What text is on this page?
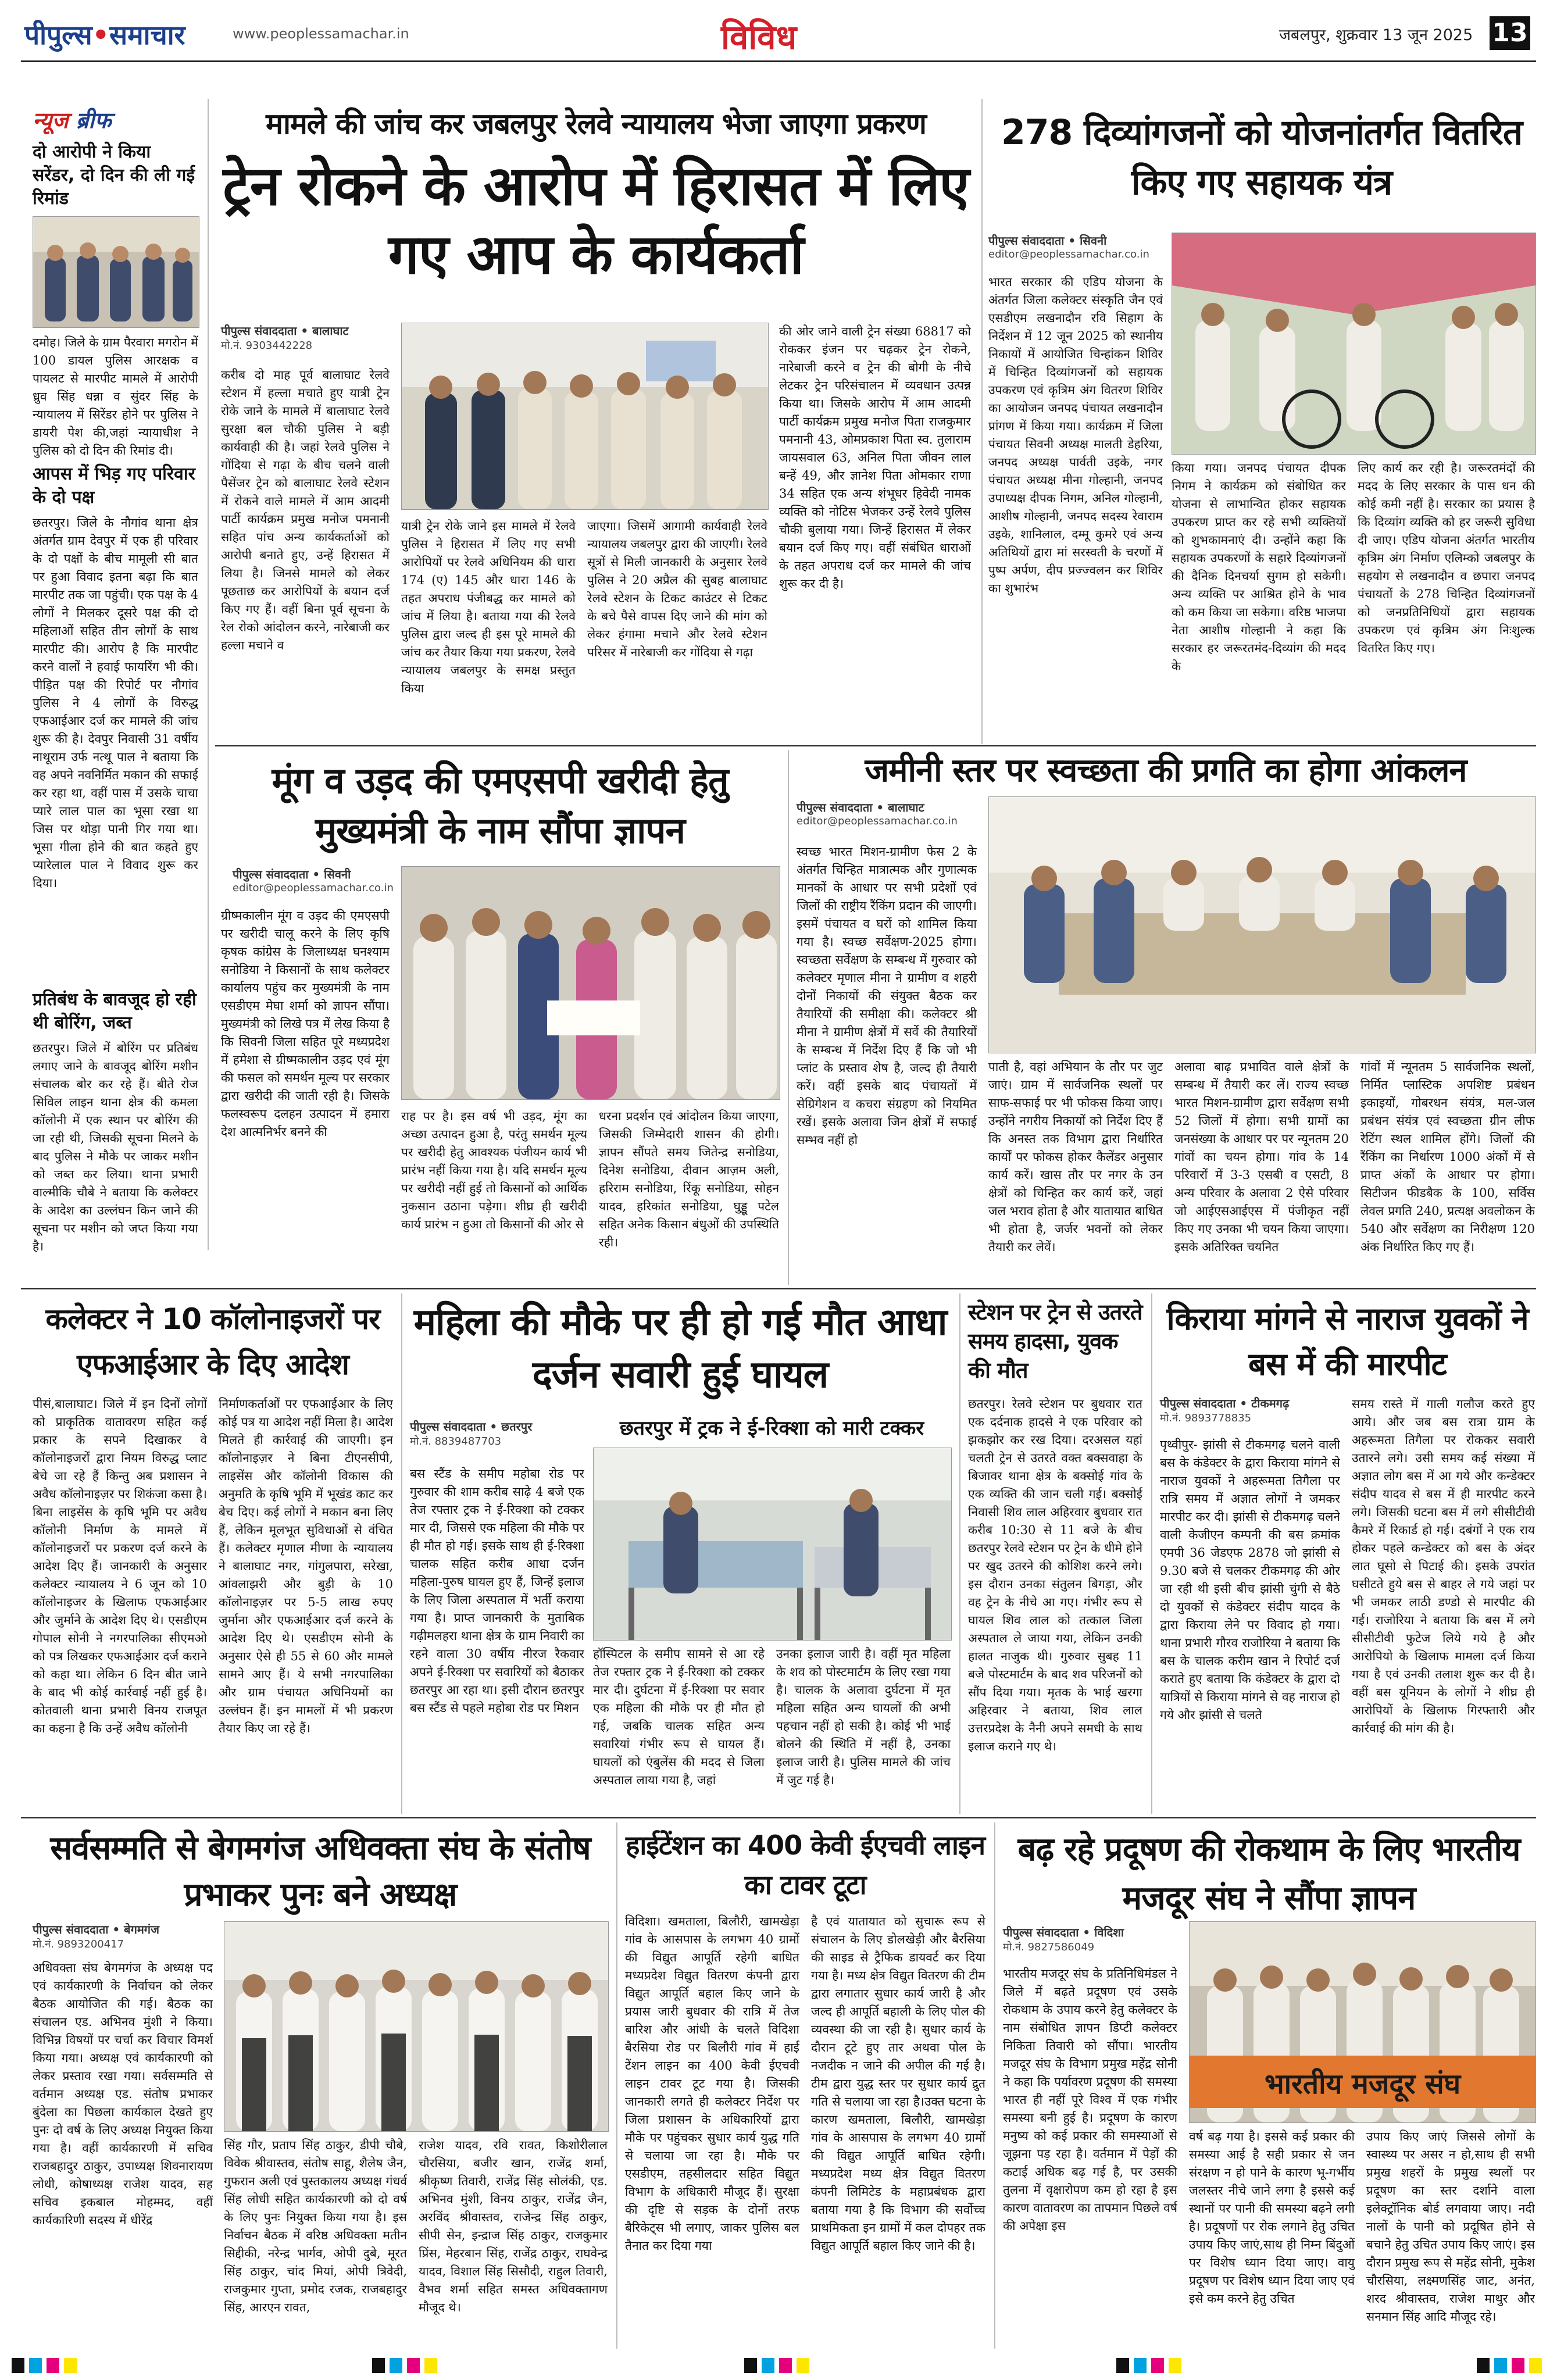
पीपुल्स•समाचार	www.peoplessamachar.in	विविध	जबलपुर, शुक्रवार 13 जून 2025 13
न्यूज ब्रीफ
दो आरोपी ने किया सरेंडर, दो दिन की ली गई रिमांड
दमोह। जिले के ग्राम पैरवारा मगरोन में 100 डायल पुलिस आरक्षक व पायलट से मारपीट मामले में आरोपी ध्रुव सिंह धन्ना व सुंदर सिंह के न्यायालय में सिरेंडर होने पर पुलिस ने डायरी पेश की,जहां न्यायाधीश ने पुलिस को दो दिन की रिमांड दी।
आपस में भिड़ गए परिवार के दो पक्ष
छतरपुर। जिले के नौगांव थाना क्षेत्र अंतर्गत ग्राम देवपुर में एक ही परिवार के दो पक्षों के बीच मामूली सी बात पर हुआ विवाद इतना बढ़ा कि बात मारपीट तक जा पहुंची। एक पक्ष के 4 लोगों ने मिलकर दूसरे पक्ष की दो महिलाओं सहित तीन लोगों के साथ मारपीट की। आरोप है कि मारपीट करने वालों ने हवाई फायरिंग भी की। पीड़ित पक्ष की रिपोर्ट पर नौगांव पुलिस ने 4 लोगों के विरुद्ध एफआईआर दर्ज कर मामले की जांच शुरू की है। देवपुर निवासी 31 वर्षीय नाथूराम उर्फ नत्थू पाल ने बताया कि वह अपने नवनिर्मित मकान की सफाई कर रहा था, वहीं पास में उसके चाचा प्यारे लाल पाल का भूसा रखा था जिस पर थोड़ा पानी गिर गया था। भूसा गीला होने की बात कहते हुए प्यारेलाल पाल ने विवाद शुरू कर दिया।
प्रतिबंध के बावजूद हो रही थी बोरिंग, जब्त
छतरपुर। जिले में बोरिंग पर प्रतिबंध लगाए जाने के बावजूद बोरिंग मशीन संचालक बोर कर रहे हैं। बीते रोज सिविल लाइन थाना क्षेत्र की कमला कॉलोनी में एक स्थान पर बोरिंग की जा रही थी, जिसकी सूचना मिलने के बाद पुलिस ने मौके पर जाकर मशीन को जब्त कर लिया। थाना प्रभारी वाल्मीकि चौबे ने बताया कि कलेक्टर के आदेश का उल्लंघन किन जाने की सूचना पर मशीन को जप्त किया गया है।
मामले की जांच कर जबलपुर रेलवे न्यायालय भेजा जाएगा प्रकरण
ट्रेन रोकने के आरोप में हिरासत में लिए गए आप के कार्यकर्ता
पीपुल्स संवाददाता • बालाघाट
मो.नं. 9303442228
करीब दो माह पूर्व बालाघाट रेलवे स्टेशन में हल्ला मचाते हुए यात्री ट्रेन रोके जाने के मामले में बालाघाट रेलवे सुरक्षा बल चौकी पुलिस ने बड़ी कार्यवाही की है। जहां रेलवे पुलिस ने गोंदिया से गढ़ा के बीच चलने वाली पैसेंजर ट्रेन को बालाघाट रेलवे स्टेशन में रोकने वाले मामले में आम आदमी पार्टी कार्यक्रम प्रमुख मनोज पमनानी सहित पांच अन्य कार्यकर्ताओं को आरोपी बनाते हुए, उन्हें हिरासत में लिया है। जिनसे मामले को लेकर पूछताछ कर आरोपियों के बयान दर्ज किए गए हैं। वहीं बिना पूर्व सूचना के रेल रोको आंदोलन करने, नारेबाजी कर हल्ला मचाने व
यात्री ट्रेन रोके जाने इस मामले में रेलवे पुलिस ने हिरासत में लिए गए सभी आरोपियों पर रेलवे अधिनियम की धारा 174 (ए) 145 और धारा 146 के तहत अपराध पंजीबद्ध कर मामले को जांच में लिया है। बताया गया की रेलवे पुलिस द्वारा जल्द ही इस पूरे मामले की जांच कर तैयार किया गया प्रकरण, रेलवे न्यायालय जबलपुर के समक्ष प्रस्तुत किया
जाएगा। जिसमें आगामी कार्यवाही रेलवे न्यायालय जबलपुर द्वारा की जाएगी। रेलवे सूत्रों से मिली जानकारी के अनुसार रेलवे पुलिस ने 20 अप्रैल की सुबह बालाघाट रेलवे स्टेशन के टिकट काउंटर से टिकट के बचे पैसे वापस दिए जाने की मांग को लेकर हंगामा मचाने और रेलवे स्टेशन परिसर में नारेबाजी कर गोंदिया से गढ़ा
की ओर जाने वाली ट्रेन संख्या 68817 को रोककर इंजन पर चढ़कर ट्रेन रोकने, नारेबाजी करने व ट्रेन की बोगी के नीचे लेटकर ट्रेन परिसंचालन में व्यवधान उत्पन्न किया था। जिसके आरोप में आम आदमी पार्टी कार्यक्रम प्रमुख मनोज पिता राजकुमार पमनानी 43, ओमप्रकाश पिता स्व. तुलाराम जायसवाल 63, अनिल पिता जीवन लाल बन्हें 49, और ज्ञानेश पिता ओमकार राणा 34 सहित एक अन्य शंभूधर हिवेदी नामक व्यक्ति को नोटिस भेजकर उन्हें रेलवे पुलिस चौकी बुलाया गया। जिन्हें हिरासत में लेकर बयान दर्ज किए गए। वहीं संबंधित धाराओं के तहत अपराध दर्ज कर मामले की जांच शुरू कर दी है।
278 दिव्यांगजनों को योजनांतर्गत वितरित किए गए सहायक यंत्र
पीपुल्स संवाददाता • सिवनी
editor@peoplessamachar.co.in
भारत सरकार की एडिप योजना के अंतर्गत जिला कलेक्टर संस्कृति जैन एवं एसडीएम लखनादौन रवि सिहाग के निर्देशन में 12 जून 2025 को स्थानीय निकायों में आयोजित चिन्हांकन शिविर में चिन्हित दिव्यांगजनों को सहायक उपकरण एवं कृत्रिम अंग वितरण शिविर का आयोजन जनपद पंचायत लखनादौन प्रांगण में किया गया। कार्यक्रम में जिला पंचायत सिवनी अध्यक्ष मालती डेहरिया, जनपद अध्यक्ष पार्वती उइके, नगर पंचायत अध्यक्ष मीना गोल्हानी, जनपद उपाध्यक्ष दीपक निगम, अनिल गोल्हानी, आशीष गोल्हानी, जनपद सदस्य रेवाराम उइके, शानिलाल, दम्मू कुमरे एवं अन्य अतिथियों द्वारा मां सरस्वती के चरणों में पुष्प अर्पण, दीप प्रज्ज्वलन कर शिविर का शुभारंभ
किया गया। जनपद पंचायत दीपक निगम ने कार्यक्रम को संबोधित कर योजना से लाभान्वित होकर सहायक उपकरण प्राप्त कर रहे सभी व्यक्तियों को शुभकामनाएं दी। उन्होंने कहा कि सहायक उपकरणों के सहारे दिव्यांगजनों की दैनिक दिनचर्या सुगम हो सकेगी। अन्य व्यक्ति पर आश्रित होने के भाव को कम किया जा सकेगा। वरिष्ठ भाजपा नेता आशीष गोल्हानी ने कहा कि सरकार हर जरूरतमंद-दिव्यांग की मदद के
लिए कार्य कर रही है। जरूरतमंदों की मदद के लिए सरकार के पास धन की कोई कमी नहीं है। सरकार का प्रयास है कि दिव्यांग व्यक्ति को हर जरूरी सुविधा दी जाए। एडिप योजना अंतर्गत भारतीय कृत्रिम अंग निर्माण एलिम्को जबलपुर के सहयोग से लखनादौन व छपारा जनपद पंचायतों के 278 चिन्हित दिव्यांगजनों को जनप्रतिनिधियों द्वारा सहायक उपकरण एवं कृत्रिम अंग निःशुल्क वितरित किए गए।
मूंग व उड़द की एमएसपी खरीदी हेतु मुख्यमंत्री के नाम सौंपा ज्ञापन
पीपुल्स संवाददाता • सिवनी
editor@peoplessamachar.co.in
ग्रीष्मकालीन मूंग व उड़द की एमएसपी पर खरीदी चालू करने के लिए कृषि कृषक कांग्रेस के जिलाध्यक्ष घनश्याम सनोडिया ने किसानों के साथ कलेक्टर कार्यालय पहुंच कर मुख्यमंत्री के नाम एसडीएम मेघा शर्मा को ज्ञापन सौंपा। मुख्यमंत्री को लिखे पत्र में लेख किया है कि सिवनी जिला सहित पूरे मध्यप्रदेश में हमेशा से ग्रीष्मकालीन उड़द एवं मूंग की फसल को समर्थन मूल्य पर सरकार द्वारा खरीदी की जाती रही है। जिसके फलस्वरूप दलहन उत्पादन में हमारा देश आत्मनिर्भर बनने की
राह पर है। इस वर्ष भी उड़द, मूंग का अच्छा उत्पादन हुआ है, परंतु समर्थन मूल्य पर खरीदी हेतु आवश्यक पंजीयन कार्य भी प्रारंभ नहीं किया गया है। यदि समर्थन मूल्य पर खरीदी नहीं हुई तो किसानों को आर्थिक नुकसान उठाना पड़ेगा। शीघ्र ही खरीदी कार्य प्रारंभ न हुआ तो किसानों की ओर से
धरना प्रदर्शन एवं आंदोलन किया जाएगा, जिसकी जिम्मेदारी शासन की होगी। ज्ञापन सौंपते समय जितेन्द्र सनोडिया, दिनेश सनोडिया, दीवान आज़म अली, हरिराम सनोडिया, रिंकू सनोडिया, सोहन यादव, हरिकांत सनोडिया, घुड्डू पटेल सहित अनेक किसान बंधुओं की उपस्थिति रही।
जमीनी स्तर पर स्वच्छता की प्रगति का होगा आंकलन
पीपुल्स संवाददाता • बालाघाट
editor@peoplessamachar.co.in
स्वच्छ भारत मिशन-ग्रामीण फेस 2 के अंतर्गत चिन्हित मात्रात्मक और गुणात्मक मानकों के आधार पर सभी प्रदेशों एवं जिलों की राष्ट्रीय रैंकिंग प्रदान की जाएगी। इसमें पंचायत व घरों को शामिल किया गया है। स्वच्छ सर्वेक्षण-2025 होगा। स्वच्छता सर्वेक्षण के सम्बन्ध में गुरुवार को कलेक्टर मृणाल मीना ने ग्रामीण व शहरी दोनों निकायों की संयुक्त बैठक कर तैयारियों की समीक्षा की। कलेक्टर श्री मीना ने ग्रामीण क्षेत्रों में सर्वे की तैयारियों के सम्बन्ध में निर्देश दिए हैं कि जो भी प्लांट के प्रस्ताव शेष है, जल्द ही तैयारी करें। वहीं इसके बाद पंचायतों में सेग्रिगेशन व कचरा संग्रहण को नियमित रखें। इसके अलावा जिन क्षेत्रों में सफाई सम्भव नहीं हो
पाती है, वहां अभियान के तौर पर जुट जाएं। ग्राम में सार्वजनिक स्थलों पर साफ-सफाई पर भी फोकस किया जाए। उन्होंने नगरीय निकायों को निर्देश दिए हैं कि अनस्त तक विभाग द्वारा निर्धारित कार्यों पर फोकस होकर कैलेंडर अनुसार कार्य करें। खास तौर पर नगर के उन क्षेत्रों को चिन्हित कर कार्य करें, जहां जल भराव होता है और यातायात बाधित भी होता है, जर्जर भवनों को लेकर तैयारी कर लेवें।
अलावा बाढ़ प्रभावित वाले क्षेत्रों के सम्बन्ध में तैयारी कर लें। राज्य स्वच्छ भारत मिशन-ग्रामीण द्वारा सर्वेक्षण सभी 52 जिलों में होगा। सभी ग्रामों का जनसंख्या के आधार पर पर न्यूनतम 20 गांवों का चयन होगा। गांव के 14 परिवारों में 3-3 एसबी व एसटी, 8 अन्य परिवार के अलावा 2 ऐसे परिवार जो आईएसआईएस में पंजीकृत नहीं किए गए उनका भी चयन किया जाएगा। इसके अतिरिक्त चयनित
गांवों में न्यूनतम 5 सार्वजनिक स्थलों, निर्मित प्लास्टिक अपशिष्ट प्रबंधन इकाइयों, गोबरधन संयंत्र, मल-जल प्रबंधन संयंत्र एवं स्वच्छता ग्रीन लीफ रेटिंग स्थल शामिल होंगे। जिलों की रैंकिंग का निर्धारण 1000 अंकों में से प्राप्त अंकों के आधार पर होगा। सिटीजन फीडबैक के 100, सर्विस लेवल प्रगति 240, प्रत्यक्ष अवलोकन के 540 और सर्वेक्षण का निरीक्षण 120 अंक निर्धारित किए गए हैं।
कलेक्टर ने 10 कॉलोनाइजरों पर एफआईआर के दिए आदेश
पीसं,बालाघाट। जिले में इन दिनों लोगों को प्राकृतिक वातावरण सहित कई प्रकार के सपने दिखाकर वे कॉलोनाइजरों द्वारा नियम विरुद्ध प्लाट बेचे जा रहे हैं किन्तु अब प्रशासन ने अवैध कॉलोनाइज़र पर शिकंजा कसा है। बिना लाइसेंस के कृषि भूमि पर अवैध कॉलोनी निर्माण के मामले में कॉलोनाइजरों पर प्रकरण दर्ज करने के आदेश दिए हैं। जानकारी के अनुसार कलेक्टर न्यायालय ने 6 जून को 10 कॉलोनाइजर के खिलाफ एफआईआर और जुर्माने के आदेश दिए थे। एसडीएम गोपाल सोनी ने नगरपालिका सीएमओ को पत्र लिखकर एफआईआर दर्ज कराने को कहा था। लेकिन 6 दिन बीत जाने के बाद भी कोई कार्रवाई नहीं हुई है। कोतवाली थाना प्रभारी विनय राजपूत का कहना है कि उन्हें अवैध कॉलोनी
निर्माणकर्ताओं पर एफआईआर के लिए कोई पत्र या आदेश नहीं मिला है। आदेश मिलते ही कार्रवाई की जाएगी। इन कॉलोनाइज़र ने बिना टीएनसीपी, लाइसेंस और कॉलोनी विकास की अनुमति के कृषि भूमि में भूखंड काट कर बेच दिए। कई लोगों ने मकान बना लिए हैं, लेकिन मूलभूत सुविधाओं से वंचित हैं। कलेक्टर मृणाल मीणा के न्यायालय ने बालाघाट नगर, गांगुलपारा, सरेखा, आंवलाझरी और बुड़ी के 10 कॉलोनाइज़र पर 5-5 लाख रुपए जुर्माना और एफआईआर दर्ज करने के आदेश दिए थे। एसडीएम सोनी के अनुसार ऐसे ही 55 से 60 और मामले सामने आए हैं। ये सभी नगरपालिका और ग्राम पंचायत अधिनियमों का उल्लंघन हैं। इन मामलों में भी प्रकरण तैयार किए जा रहे हैं।
महिला की मौके पर ही हो गई मौत आधा दर्जन सवारी हुई घायल
पीपुल्स संवाददाता • छतरपुर
मो.नं. 8839487703
छतरपुर में ट्रक ने ई-रिक्शा को मारी टक्कर
बस स्टैंड के समीप महोबा रोड पर गुरुवार की शाम करीब साढ़े 4 बजे एक तेज रफ्तार ट्रक ने ई-रिक्शा को टक्कर मार दी, जिससे एक महिला की मौके पर ही मौत हो गई। इसके साथ ही ई-रिक्शा चालक सहित करीब आधा दर्जन महिला-पुरुष घायल हुए हैं, जिन्हें इलाज के लिए जिला अस्पताल में भर्ती कराया गया है। प्राप्त जानकारी के मुताबिक गढ़ीमलहरा थाना क्षेत्र के ग्राम निवारी का रहने वाला 30 वर्षीय नीरज रैकवार अपने ई-रिक्शा पर सवारियों को बैठाकर छतरपुर आ रहा था। इसी दौरान छतरपुर बस स्टैंड से पहले महोबा रोड पर मिशन
हॉस्पिटल के समीप सामने से आ रहे तेज रफ्तार ट्रक ने ई-रिक्शा को टक्कर मार दी। दुर्घटना में ई-रिक्शा पर सवार एक महिला की मौके पर ही मौत हो गई, जबकि चालक सहित अन्य सवारियां गंभीर रूप से घायल हैं। घायलों को एंबुलेंस की मदद से जिला अस्पताल लाया गया है, जहां
उनका इलाज जारी है। वहीं मृत महिला के शव को पोस्टमार्टम के लिए रखा गया है। चालक के अलावा दुर्घटना में मृत महिला सहित अन्य घायलों की अभी पहचान नहीं हो सकी है। कोई भी भाई बोलने की स्थिति में नहीं है, उनका इलाज जारी है। पुलिस मामले की जांच में जुट गई है।
स्टेशन पर ट्रेन से उतरते समय हादसा, युवक की मौत
छतरपुर। रेलवे स्टेशन पर बुधवार रात एक दर्दनाक हादसे ने एक परिवार को झकझोर कर रख दिया। दरअसल यहां चलती ट्रेन से उतरते वक्त बक्सवाहा के बिजावर थाना क्षेत्र के बक्सोई गांव के एक व्यक्ति की जान चली गई। बक्सोई निवासी शिव लाल अहिरवार बुधवार रात करीब 10:30 से 11 बजे के बीच छतरपुर रेलवे स्टेशन पर ट्रेन के धीमे होने पर खुद उतरने की कोशिश करने लगे। इस दौरान उनका संतुलन बिगड़ा, और वह ट्रेन के नीचे आ गए। गंभीर रूप से घायल शिव लाल को तत्काल जिला अस्पताल ले जाया गया, लेकिन उनकी हालत नाजुक थी। गुरुवार सुबह 11 बजे पोस्टमार्टम के बाद शव परिजनों को सौंप दिया गया। मृतक के भाई खरगा अहिरवार ने बताया, शिव लाल उत्तरप्रदेश के नैनी अपने समधी के साथ इलाज कराने गए थे।
किराया मांगने से नाराज युवकों ने बस में की मारपीट
पीपुल्स संवाददाता • टीकमगढ़
मो.नं. 9893778835
पृथ्वीपुर- झांसी से टीकमगढ़ चलने वाली बस के कंडेक्टर के द्वारा किराया मांगने से नाराज युवकों ने अहरूमता तिगैला पर रात्रि समय में अज्ञात लोगों ने जमकर मारपीट कर दी। झांसी से टीकमगढ़ चलने वाली केजीएन कम्पनी की बस क्रमांक एमपी 36 जेडएफ 2878 जो झांसी से 9.30 बजे से चलकर टीकमगढ़ की ओर जा रही थी इसी बीच झांसी चुंगी से बैठे दो युवकों से कंडेक्टर संदीप यादव के द्वारा किराया लेने पर विवाद हो गया। थाना प्रभारी गौरव राजोरिया ने बताया कि बस के चालक करीम खान ने रिपोर्ट दर्ज कराते हुए बताया कि कंडेक्टर के द्वारा दो यात्रियों से किराया मांगने से वह नाराज हो गये और झांसी से चलते
समय रास्ते में गाली गलौज करते हुए आये। और जब बस रात्रा ग्राम के अहरूमता तिगैला पर रोककर सवारी उतारने लगे। उसी समय कई संख्या में अज्ञात लोग बस में आ गये और कन्डेक्टर संदीप यादव से बस में ही मारपीट करने लगे। जिसकी घटना बस में लगे सीसीटीवी कैमरे में रिकार्ड हो गई। दबंगों ने एक राय होकर पहले कन्डेक्टर को बस के अंदर लात घूसो से पिटाई की। इसके उपरांत घसीटते हुये बस से बाहर ले गये जहां पर भी जमकर लाठी डण्डो से मारपीट की गई। राजोरिया ने बताया कि बस में लगे सीसीटीवी फुटेज लिये गये है और आरोपियो के खिलाफ मामला दर्ज किया गया है एवं उनकी तलाश शुरू कर दी है। वहीं बस यूनियन के लोगों ने शीघ्र ही आरोपियों के खिलाफ गिरफ्तारी और कार्रवाई की मांग की है।
सर्वसम्मति से बेगमगंज अधिवक्ता संघ के संतोष प्रभाकर पुनः बने अध्यक्ष
पीपुल्स संवाददाता • बेगमगंज
मो.नं. 9893200417
अधिवक्ता संघ बेगमगंज के अध्यक्ष पद एवं कार्यकारणी के निर्वाचन को लेकर बैठक आयोजित की गई। बैठक का संचालन एड. अभिनव मुंशी ने किया। विभिन्न विषयों पर चर्चा कर विचार विमर्श किया गया। अध्यक्ष एवं कार्यकारणी को लेकर प्रस्ताव रखा गया। सर्वसम्मति से वर्तमान अध्यक्ष एड. संतोष प्रभाकर बुंदेला का पिछला कार्यकाल देखते हुए पुनः दो वर्ष के लिए अध्यक्ष नियुक्त किया गया है। वहीं कार्यकारणी में सचिव राजबहादुर ठाकुर, उपाध्यक्ष शिवनारायण लोधी, कोषाध्यक्ष राजेश यादव, सह सचिव इकबाल मोहम्मद, वहीं कार्यकारिणी सदस्य में धीरेंद्र
सिंह गौर, प्रताप सिंह ठाकुर, डीपी चौबे, विवेक श्रीवास्तव, संतोष साहू, शैलेष जैन, गुफरान अली एवं पुस्तकालय अध्यक्ष गंधर्व सिंह लोधी सहित कार्यकारणी को दो वर्ष के लिए पुनः नियुक्त किया गया है। इस निर्वाचन बैठक में वरिष्ठ अधिवक्ता मतीन सिद्दीकी, नरेन्द्र भार्गव, ओपी दुबे, मूरत सिंह ठाकुर, चांद मियां, ओपी त्रिवेदी, राजकुमार गुप्ता, प्रमोद रजक, राजबहादुर सिंह, आरएन रावत,
राजेश यादव, रवि रावत, किशोरीलाल चौरसिया, बजीर खान, राजेंद्र शर्मा, श्रीकृष्ण तिवारी, राजेंद्र सिंह सोलंकी, एड. अभिनव मुंशी, विनय ठाकुर, राजेंद्र जैन, अरविंद श्रीवास्तव, राजेन्द्र सिंह ठाकुर, सीपी सेन, इन्द्राज सिंह ठाकुर, राजकुमार प्रिंस, मेहरबान सिंह, राजेंद्र ठाकुर, राघवेन्द्र यादव, विशाल सिंह सिसौदी, राहुल तिवारी, वैभव शर्मा सहित समस्त अधिवक्तागण मौजूद थे।
हाईटेंशन का 400 केवी ईएचवी लाइन का टावर टूटा
विदिशा। खमताला, बिलौरी, खामखेड़ा गांव के आसपास के लगभग 40 ग्रामों की विद्युत आपूर्ति रहेगी बाधित मध्यप्रदेश विद्युत वितरण कंपनी द्वारा विद्युत आपूर्ति बहाल किए जाने के प्रयास जारी बुधवार की रात्रि में तेज बारिश और आंधी के चलते विदिशा बैरसिया रोड पर बिलौरी गांव में हाई टेंशन लाइन का 400 केवी ईएचवी लाइन टावर टूट गया है। जिसकी जानकारी लगते ही कलेक्टर निर्देश पर जिला प्रशासन के अधिकारियों द्वारा मौके पर पहुंचकर सुधार कार्य युद्ध गति से चलाया जा रहा है। मौके पर एसडीएम, तहसीलदार सहित विद्युत विभाग के अधिकारी मौजूद हैं। सुरक्षा की दृष्टि से सड़क के दोनों तरफ बैरिकेट्स भी लगाए, जाकर पुलिस बल तैनात कर दिया गया
है एवं यातायात को सुचारू रूप से संचालन के लिए डोलखेड़ी और बैरसिया की साइड से ट्रैफिक डायवर्ट कर दिया गया है। मध्य क्षेत्र विद्युत वितरण की टीम द्वारा लगातार सुधार कार्य जारी है और जल्द ही आपूर्ति बहाली के लिए पोल की व्यवस्था की जा रही है। सुधार कार्य के दौरान टूटे हुए तार अथवा पोल के नजदीक न जाने की अपील की गई है। टीम द्वारा युद्ध स्तर पर सुधार कार्य द्रुत गति से चलाया जा रहा है।उक्त घटना के कारण खमताला, बिलौरी, खामखेड़ा गांव के आसपास के लगभग 40 ग्रामों की विद्युत आपूर्ति बाधित रहेगी। मध्यप्रदेश मध्य क्षेत्र विद्युत वितरण कंपनी लिमिटेड के महाप्रबंधक द्वारा बताया गया है कि विभाग की सर्वोच्च प्राथमिकता इन ग्रामों में कल दोपहर तक विद्युत आपूर्ति बहाल किए जाने की है।
बढ़ रहे प्रदूषण की रोकथाम के लिए भारतीय मजदूर संघ ने सौंपा ज्ञापन
पीपुल्स संवाददाता • विदिशा
मो.नं. 9827586049
भारतीय मजदूर संघ के प्रतिनिधिमंडल ने जिले में बढ़ते प्रदूषण एवं उसके रोकथाम के उपाय करने हेतु कलेक्टर के नाम संबोधित ज्ञापन डिप्टी कलेक्टर निकिता तिवारी को सौंपा। भारतीय मजदूर संघ के विभाग प्रमुख महेंद्र सोनी ने कहा कि पर्यावरण प्रदूषण की समस्या भारत ही नहीं पूरे विश्व में एक गंभीर समस्या बनी हुई है। प्रदूषण के कारण मनुष्य को कई प्रकार की समस्याओं से जूझना पड़ रहा है। वर्तमान में पेड़ों की कटाई अधिक बढ़ गई है, पर उसकी तुलना में वृक्षारोपण कम हो रहा है इस कारण वातावरण का तापमान पिछले वर्ष की अपेक्षा इस
भारतीय मजदूर संघ
वर्ष बढ़ गया है। इससे कई प्रकार की समस्या आई है सही प्रकार से जन संरक्षण न हो पाने के कारण भू-गर्भीय जलस्तर नीचे जाने लगा है इससे कई स्थानों पर पानी की समस्या बढ़ने लगी है। प्रदूषणों पर रोक लगाने हेतु उचित उपाय किए जाएं,साथ ही निम्न बिंदुओं पर विशेष ध्यान दिया जाए। वायु प्रदूषण पर विशेष ध्यान दिया जाए एवं इसे कम करने हेतु उचित
उपाय किए जाएं जिससे लोगों के स्वास्थ्य पर असर न हो,साथ ही सभी प्रमुख शहरों के प्रमुख स्थलों पर प्रदूषण का स्तर दर्शाने वाला इलेक्ट्रॉनिक बोर्ड लगवाया जाए। नदी नालों के पानी को प्रदूषित होने से बचाने हेतु उचित उपाय किए जाएं। इस दौरान प्रमुख रूप से महेंद्र सोनी, मुकेश चौरसिया, लक्ष्मणसिंह जाट, अनंत, शरद श्रीवास्तव, राजेश माथुर और सनमान सिंह आदि मौजूद रहे।
